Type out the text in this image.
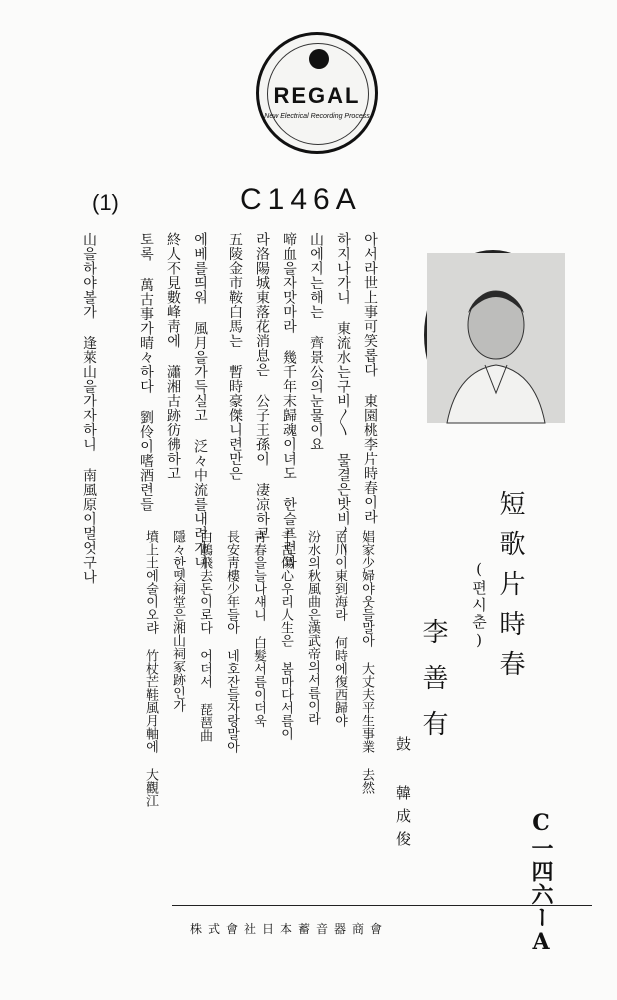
REGAL
New Electrical Recording Process
(1)	C146A
短歌片時春
(편시춘)
李善有
鼓 韓成俊
C一四六ーA
아서라世上事可笑롭다 東園桃李片時春이라
하지나가니 東流水는구비〱 물결은밧비〱
山에지는해는 齊景公의눈물이요
啼血을자맛마라 幾千年末歸魂이녀도 한슬프련과
라洛陽城東落花消息은 公子王孫이 凄凉하고
五陵金市鞍白馬는 暫時豪傑니련만은
에베를띄워 風月을가득실고 泛々中流를내려가니
終人不見數峰靑에 瀟湘古跡彷彿하고
토록 萬古事가晴々하다 劉伶이嗜酒련들
山을하야볼가 逢萊山을가자하니 南風原이멀엇구나
株式會社日本蓄音器商會
娼家少婦야웃들말아 大丈夫平生事業 去然
百川이東到海라 何時에復西歸야
汾水의秋風曲은漢武帝의서름이라
千古傷心우리人生은 봄마다서름이
靑春을늘나섀니 白髮서름이더욱
長安靑樓少年들아 네호잔들자랑말아
白鷗飛去돈이로다 어더서 琵琶曲
隱々한뗏祠堂은湘山祠冢跡인가
墳上土에술이오랴 竹杖芒鞋風月軸에 大觀江
